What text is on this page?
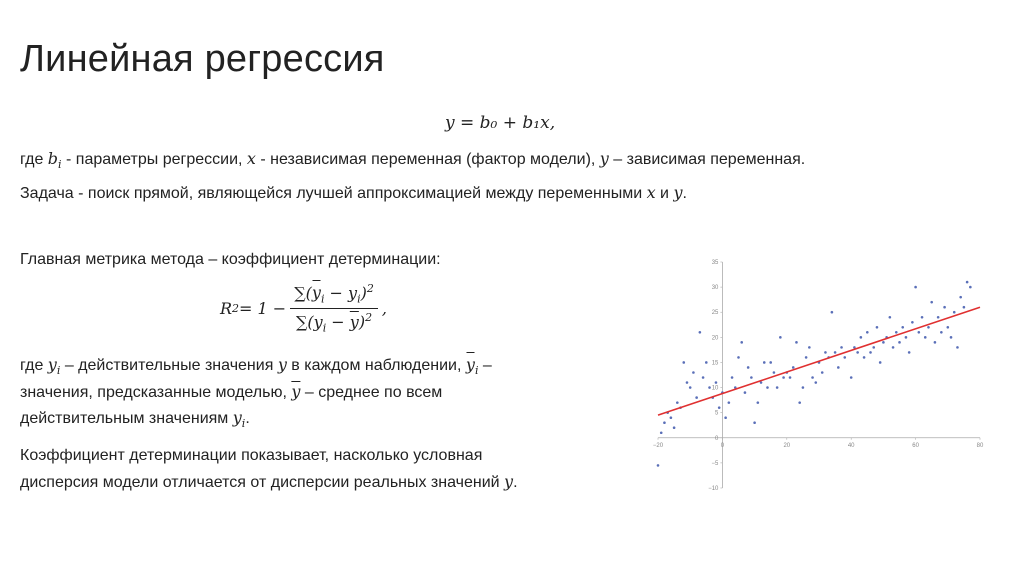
Линейная регрессия
y = b₀ + b₁x,
где $b_i$ - параметры регрессии, x - независимая переменная (фактор модели), y – зависимая переменная.
Задача - поиск прямой, являющейся лучшей аппроксимацией между переменными x и y.
Главная метрика метода – коэффициент детерминации:
R $2 = 1 - \frac{\sum(y_i - y_i)^2}{\sum(y_i - \overline{y})^2}$ ,
где $y_i$ – действительные значения y в каждом наблюдении, $y_i$ –
значения, предсказанные моделью, $\overline{y}$ – среднее по всем
действительным значениям $y_i$.
Коэффициент детерминации показывает, насколько условная
дисперсия модели отличается от дисперсии реальных значений y.
−20	0	20	40	60	80
−10
−5
0
5
10
15
20
25
30
35
